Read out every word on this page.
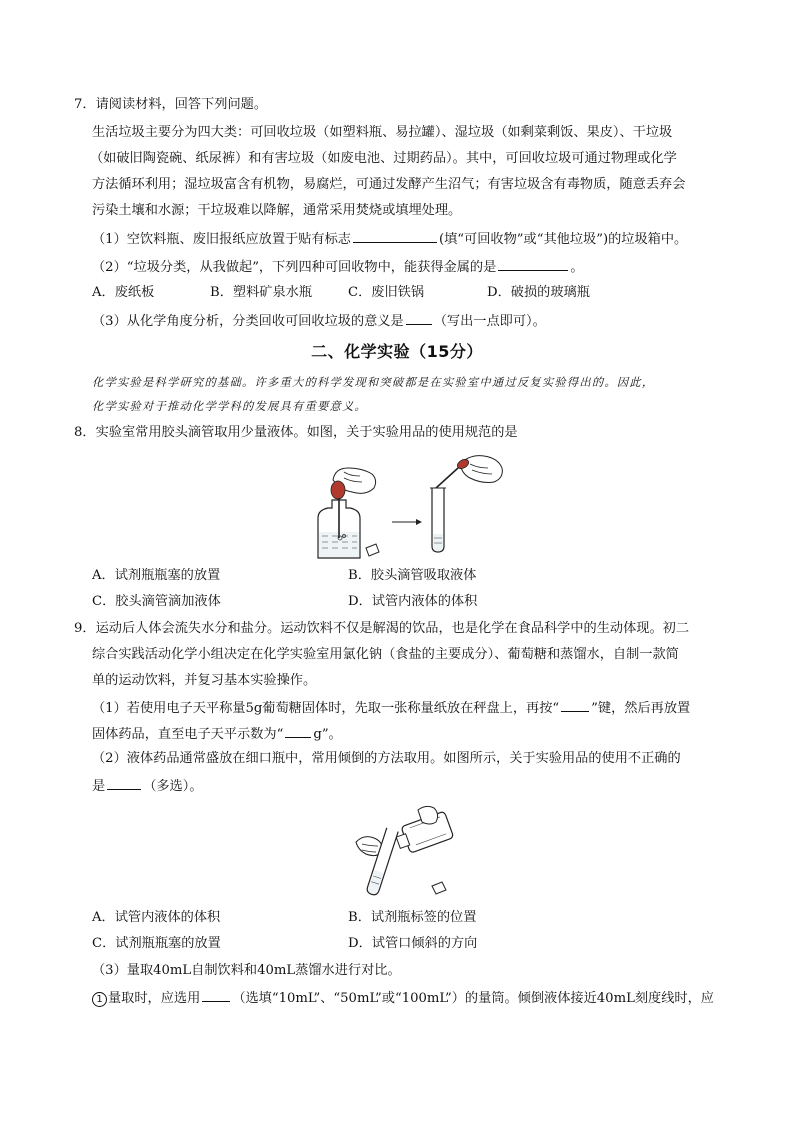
7．请阅读材料，回答下列问题。
生活垃圾主要分为四大类：可回收垃圾（如塑料瓶、易拉罐）、湿垃圾（如剩菜剩饭、果皮）、干垃圾
（如破旧陶瓷碗、纸尿裤）和有害垃圾（如废电池、过期药品）。其中，可回收垃圾可通过物理或化学
方法循环利用；湿垃圾富含有机物，易腐烂，可通过发酵产生沼气；有害垃圾含有毒物质，随意丢弃会
污染土壤和水源；干垃圾难以降解，通常采用焚烧或填埋处理。
（1）空饮料瓶、废旧报纸应放置于贴有标志	(填“可回收物”或“其他垃圾”)的垃圾箱中。
（2）“垃圾分类，从我做起”，下列四种可回收物中，能获得金属的是	。
A．废纸板	B．塑料矿泉水瓶	C．废旧铁锅	D．破损的玻璃瓶
（3）从化学角度分析，分类回收可回收垃圾的意义是 （写出一点即可）。
二、化学实验（15分）
化学实验是科学研究的基础。许多重大的科学发现和突破都是在实验室中通过反复实验得出的。因此，
化学实验对于推动化学学科的发展具有重要意义。
8．实验室常用胶头滴管取用少量液体。如图，关于实验用品的使用规范的是
A．试剂瓶瓶塞的放置	B．胶头滴管吸取液体
C．胶头滴管滴加液体	D．试管内液体的体积
9．运动后人体会流失水分和盐分。运动饮料不仅是解渴的饮品，也是化学在食品科学中的生动体现。初二
综合实践活动化学小组决定在化学实验室用氯化钠（食盐的主要成分）、葡萄糖和蒸馏水，自制一款简
单的运动饮料，并复习基本实验操作。
（1）若使用电子天平称量5g葡萄糖固体时，先取一张称量纸放在秤盘上，再按“ ”键，然后再放置
固体药品，直至电子天平示数为“ g”。
（2）液体药品通常盛放在细口瓶中，常用倾倒的方法取用。如图所示，关于实验用品的使用不正确的
是	（多选）。
A．试管内液体的体积	B．试剂瓶标签的位置
C．试剂瓶瓶塞的放置	D．试管口倾斜的方向
（3）量取40mL自制饮料和40mL蒸馏水进行对比。
1 量取时，应选用 （选填“10mL”、“50mL”或“100mL”）的量筒。倾倒液体接近40mL刻度线时，应
